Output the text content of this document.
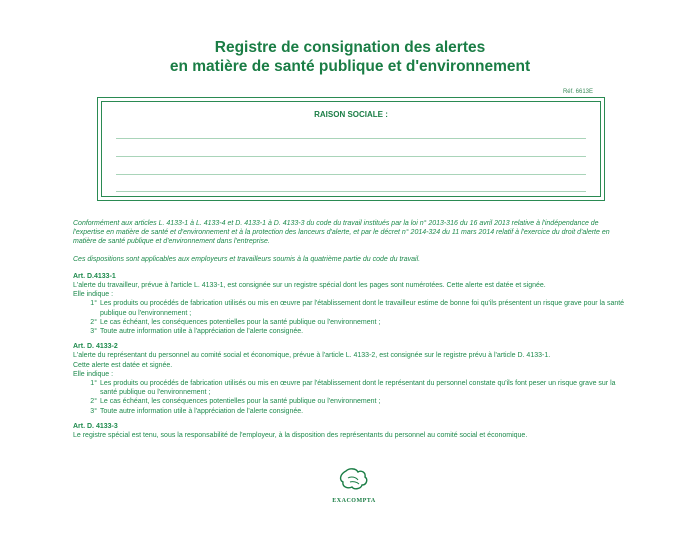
Registre de consignation des alertes
en matière de santé publique et d'environnement
Réf. 6613E
RAISON SOCIALE :

Conformément aux articles L. 4133-1 à L. 4133-4 et D. 4133-1 à D. 4133-3 du code du travail institués par la loi n° 2013-316 du 16 avril 2013 relative à l'indépendance de l'expertise en matière de santé et d'environnement et à la protection des lanceurs d'alerte, et par le décret n° 2014-324 du 11 mars 2014 relatif à l'exercice du droit d'alerte en matière de santé publique et d'environnement dans l'entreprise.

Ces dispositions sont applicables aux employeurs et travailleurs soumis à la quatrième partie du code du travail.

Art. D.4133-1

L'alerte du travailleur, prévue à l'article L. 4133-1, est consignée sur un registre spécial dont les pages sont numérotées. Cette alerte est datée et signée.

Elle indique :

1° Les produits ou procédés de fabrication utilisés ou mis en œuvre par l'établissement dont le travailleur estime de bonne foi qu'ils présentent un risque grave pour la santé publique ou l'environnement ;
2° Le cas échéant, les conséquences potentielles pour la santé publique ou l'environnement ;
3° Toute autre information utile à l'appréciation de l'alerte consignée.

Art. D. 4133-2

L'alerte du représentant du personnel au comité social et économique, prévue à l'article L. 4133-2, est consignée sur le registre prévu à l'article D. 4133-1.

Cette alerte est datée et signée.

Elle indique :

1° Les produits ou procédés de fabrication utilisés ou mis en œuvre par l'établissement dont le représentant du personnel constate qu'ils font peser un risque grave sur la santé publique ou l'environnement ;
2° Le cas échéant, les conséquences potentielles pour la santé publique ou l'environnement ;
3° Toute autre information utile à l'appréciation de l'alerte consignée.

Art. D. 4133-3

Le registre spécial est tenu, sous la responsabilité de l'employeur, à la disposition des représentants du personnel au comité social et économique.

EXACOMPTA
